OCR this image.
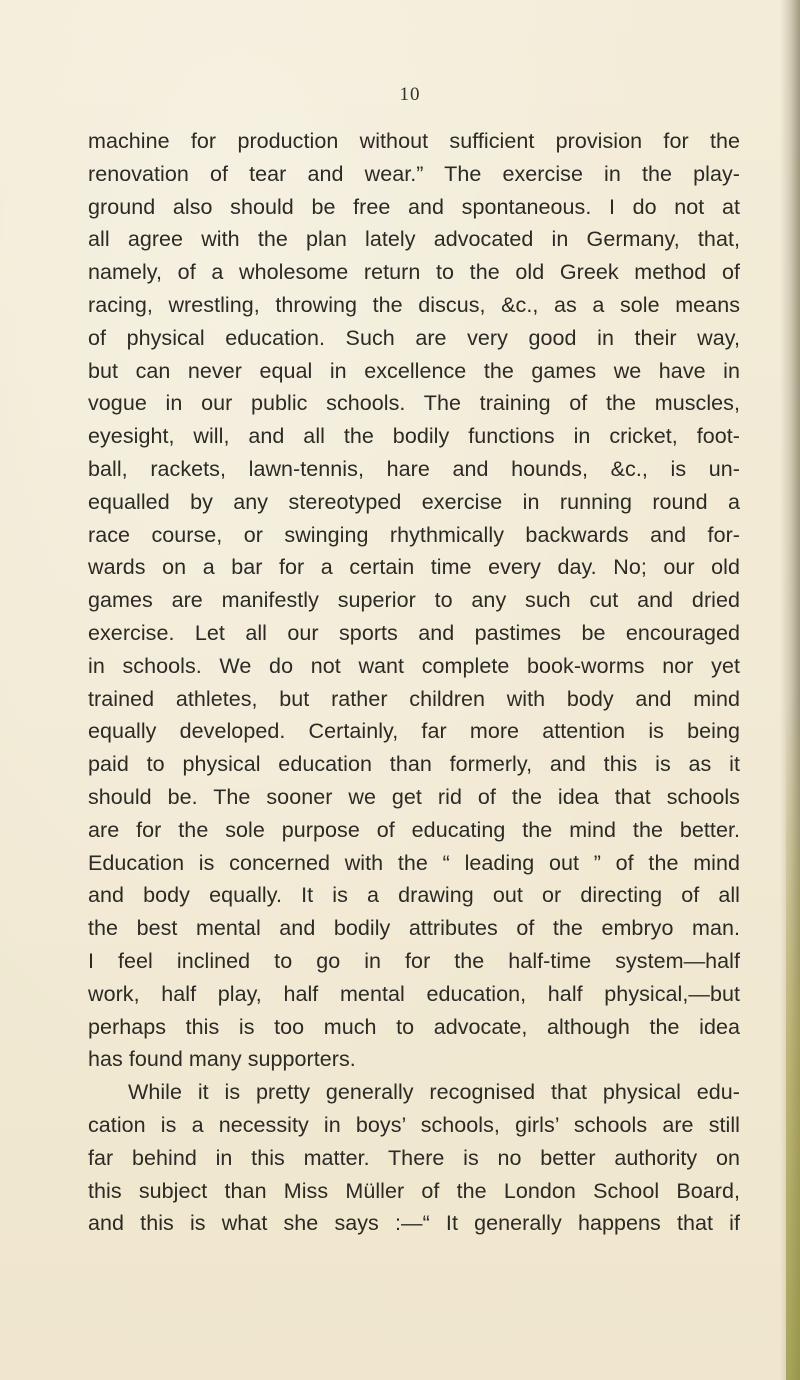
10
machine for production without sufficient provision for the
renovation of tear and wear.” The exercise in the play-
ground also should be free and spontaneous. I do not at
all agree with the plan lately advocated in Germany, that,
namely, of a wholesome return to the old Greek method of
racing, wrestling, throwing the discus, &c., as a sole means
of physical education. Such are very good in their way,
but can never equal in excellence the games we have in
vogue in our public schools. The training of the muscles,
eyesight, will, and all the bodily functions in cricket, foot-
ball, rackets, lawn-tennis, hare and hounds, &c., is un-
equalled by any stereotyped exercise in running round a
race course, or swinging rhythmically backwards and for-
wards on a bar for a certain time every day. No; our old
games are manifestly superior to any such cut and dried
exercise. Let all our sports and pastimes be encouraged
in schools. We do not want complete book-worms nor yet
trained athletes, but rather children with body and mind
equally developed. Certainly, far more attention is being
paid to physical education than formerly, and this is as it
should be. The sooner we get rid of the idea that schools
are for the sole purpose of educating the mind the better.
Education is concerned with the “ leading out ” of the mind
and body equally. It is a drawing out or directing of all
the best mental and bodily attributes of the embryo man.
I feel inclined to go in for the half-time system—half
work, half play, half mental education, half physical,—but
perhaps this is too much to advocate, although the idea
has found many supporters.
While it is pretty generally recognised that physical edu-
cation is a necessity in boys’ schools, girls’ schools are still
far behind in this matter. There is no better authority on
this subject than Miss Müller of the London School Board,
and this is what she says :—“ It generally happens that if
